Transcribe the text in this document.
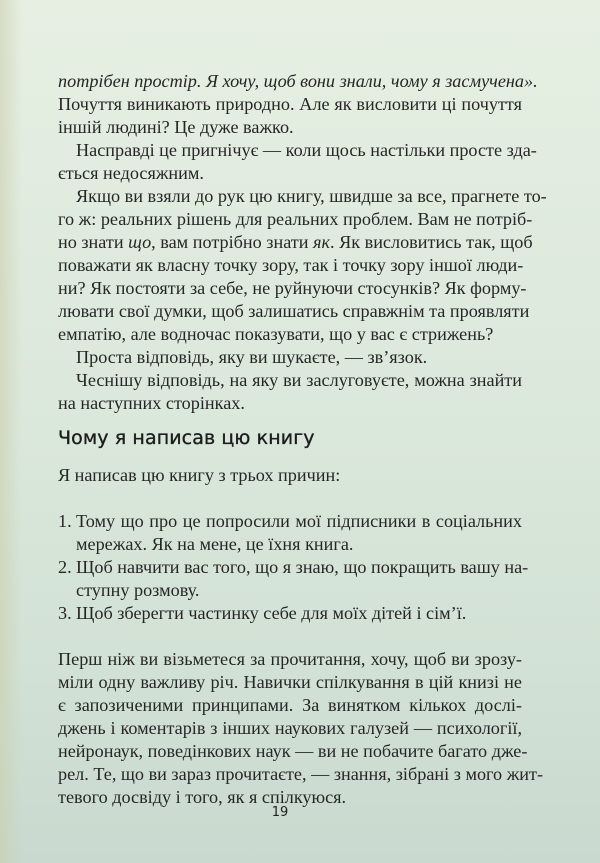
потрібен простір. Я хочу, щоб вони знали, чому я засмучена».
Почуття виникають природно. Але як висловити ці почуття
іншій людині? Це дуже важко.
Насправді це пригнічує — коли щось настільки просте зда-
ється недосяжним.
Якщо ви взяли до рук цю книгу, швидше за все, прагнете то-
го ж: реальних рішень для реальних проблем. Вам не потріб-
но знати що, вам потрібно знати як. Як висловитись так, щоб
поважати як власну точку зору, так і точку зору іншої люди-
ни? Як постояти за себе, не руйнуючи стосунків? Як форму-
лювати свої думки, щоб залишатись справжнім та проявляти
емпатію, але водночас показувати, що у вас є стрижень?
Проста відповідь, яку ви шукаєте, — зв’язок.
Чеснішу відповідь, на яку ви заслуговуєте, можна знайти
на наступних сторінках.
Чому я написав цю книгу
Я написав цю книгу з трьох причин:
1. Тому що про це попросили мої підписники в соціальних
мережах. Як на мене, це їхня книга.
2. Щоб навчити вас того, що я знаю, що покращить вашу на-
ступну розмову.
3. Щоб зберегти частинку себе для моїх дітей і сім’ї.
Перш ніж ви візьметеся за прочитання, хочу, щоб ви зрозу-
міли одну важливу річ. Навички спілкування в цій книзі не
є запозиченими принципами. За винятком кількох дослі-
джень і коментарів з інших наукових галузей — психології,
нейронаук, поведінкових наук — ви не побачите багато дже-
рел. Те, що ви зараз прочитаєте, — знання, зібрані з мого жит-
тевого досвіду і того, як я спілкуюся.
19
